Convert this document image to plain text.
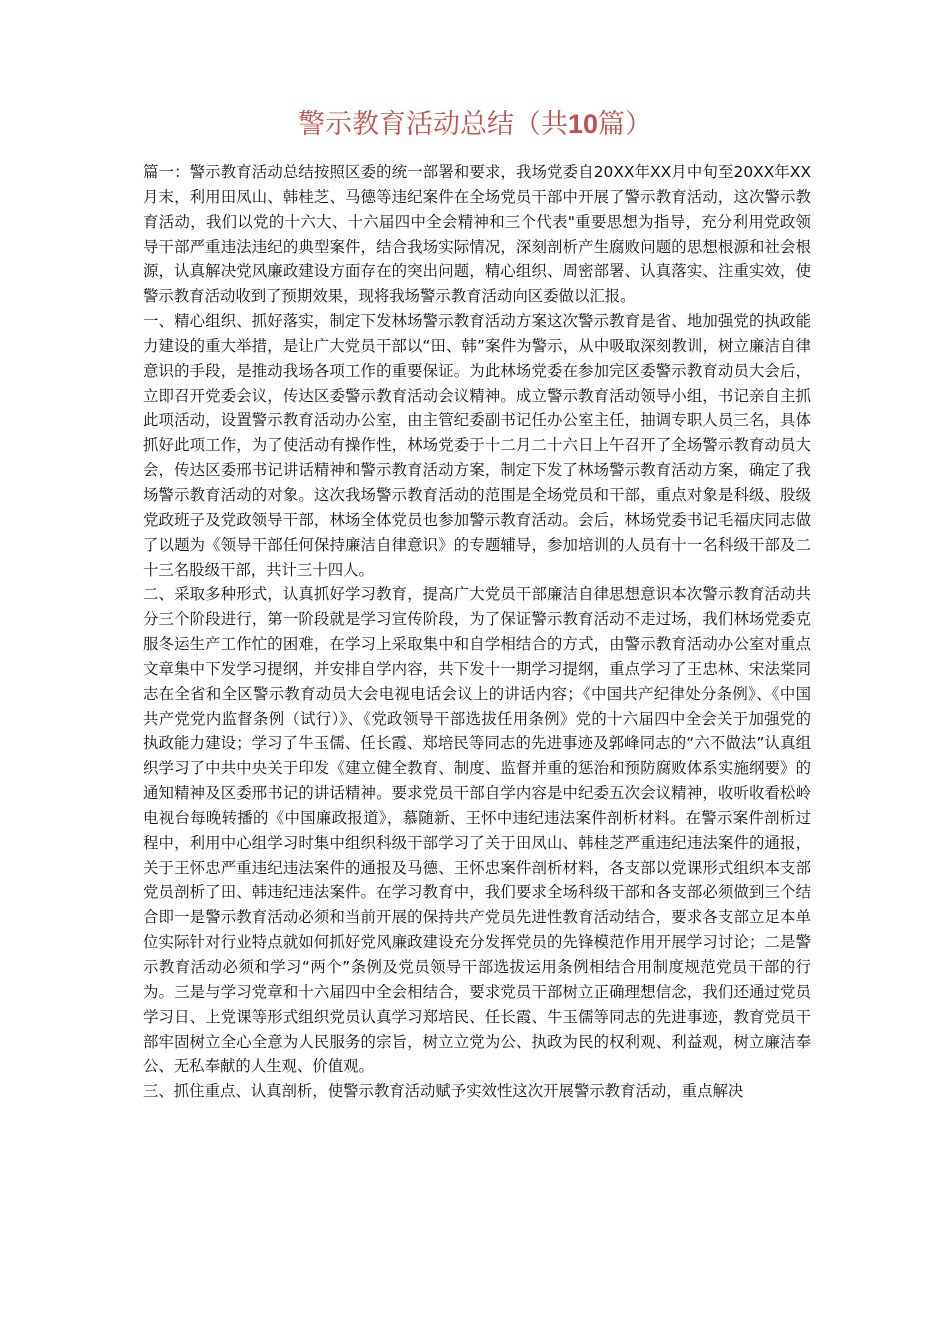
警示教育活动总结（共10篇）

篇一：警示教育活动总结按照区委的统一部署和要求，我场党委自20XX年XX月中旬至20XX年XX月末，利用田凤山、韩桂芝、马德等违纪案件在全场党员干部中开展了警示教育活动，这次警示教育活动，我们以党的十六大、十六届四中全会精神和三个代表"重要思想为指导，充分利用党政领导干部严重违法违纪的典型案件，结合我场实际情况，深刻剖析产生腐败问题的思想根源和社会根源，认真解决党风廉政建设方面存在的突出问题，精心组织、周密部署、认真落实、注重实效，使警示教育活动收到了预期效果，现将我场警示教育活动向区委做以汇报。

一、精心组织、抓好落实，制定下发林场警示教育活动方案这次警示教育是省、地加强党的执政能力建设的重大举措，是让广大党员干部以“田、韩”案件为警示，从中吸取深刻教训，树立廉洁自律意识的手段，是推动我场各项工作的重要保证。为此林场党委在参加完区委警示教育动员大会后，立即召开党委会议，传达区委警示教育活动会议精神。成立警示教育活动领导小组，书记亲自主抓此项活动，设置警示教育活动办公室，由主管纪委副书记任办公室主任，抽调专职人员三名，具体抓好此项工作，为了使活动有操作性，林场党委于十二月二十六日上午召开了全场警示教育动员大会，传达区委邢书记讲话精神和警示教育活动方案，制定下发了林场警示教育活动方案，确定了我场警示教育活动的对象。这次我场警示教育活动的范围是全场党员和干部，重点对象是科级、股级党政班子及党政领导干部，林场全体党员也参加警示教育活动。会后，林场党委书记毛福庆同志做了以题为《领导干部任何保持廉洁自律意识》的专题辅导，参加培训的人员有十一名科级干部及二十三名股级干部，共计三十四人。

二、采取多种形式，认真抓好学习教育，提高广大党员干部廉洁自律思想意识本次警示教育活动共分三个阶段进行，第一阶段就是学习宣传阶段，为了保证警示教育活动不走过场，我们林场党委克服冬运生产工作忙的困难，在学习上采取集中和自学相结合的方式，由警示教育活动办公室对重点文章集中下发学习提纲，并安排自学内容，共下发十一期学习提纲，重点学习了王忠林、宋法棠同志在全省和全区警示教育动员大会电视电话会议上的讲话内容；《中国共产纪律处分条例》、《中国共产党党内监督条例（试行）》、《党政领导干部选拔任用条例》党的十六届四中全会关于加强党的执政能力建设；学习了牛玉儒、任长霞、郑培民等同志的先进事迹及郭峰同志的“六不做法”认真组织学习了中共中央关于印发《建立健全教育、制度、监督并重的惩治和预防腐败体系实施纲要》的通知精神及区委邢书记的讲话精神。要求党员干部自学内容是中纪委五次会议精神，收听收看松岭电视台每晚转播的《中国廉政报道》，慕随新、王怀中违纪违法案件剖析材料。在警示案件剖析过程中，利用中心组学习时集中组织科级干部学习了关于田凤山、韩桂芝严重违纪违法案件的通报，关于王怀忠严重违纪违法案件的通报及马德、王怀忠案件剖析材料，各支部以党课形式组织本支部党员剖析了田、韩违纪违法案件。在学习教育中，我们要求全场科级干部和各支部必须做到三个结合即一是警示教育活动必须和当前开展的保持共产党员先进性教育活动结合，要求各支部立足本单位实际针对行业特点就如何抓好党风廉政建设充分发挥党员的先锋模范作用开展学习讨论；二是警示教育活动必须和学习“两个”条例及党员领导干部选拔运用条例相结合用制度规范党员干部的行为。三是与学习党章和十六届四中全会相结合，要求党员干部树立正确理想信念，我们还通过党员学习日、上党课等形式组织党员认真学习郑培民、任长霞、牛玉儒等同志的先进事迹，教育党员干部牢固树立全心全意为人民服务的宗旨，树立立党为公、执政为民的权利观、利益观，树立廉洁奉公、无私奉献的人生观、价值观。

三、抓住重点、认真剖析，使警示教育活动赋予实效性这次开展警示教育活动，重点解决
